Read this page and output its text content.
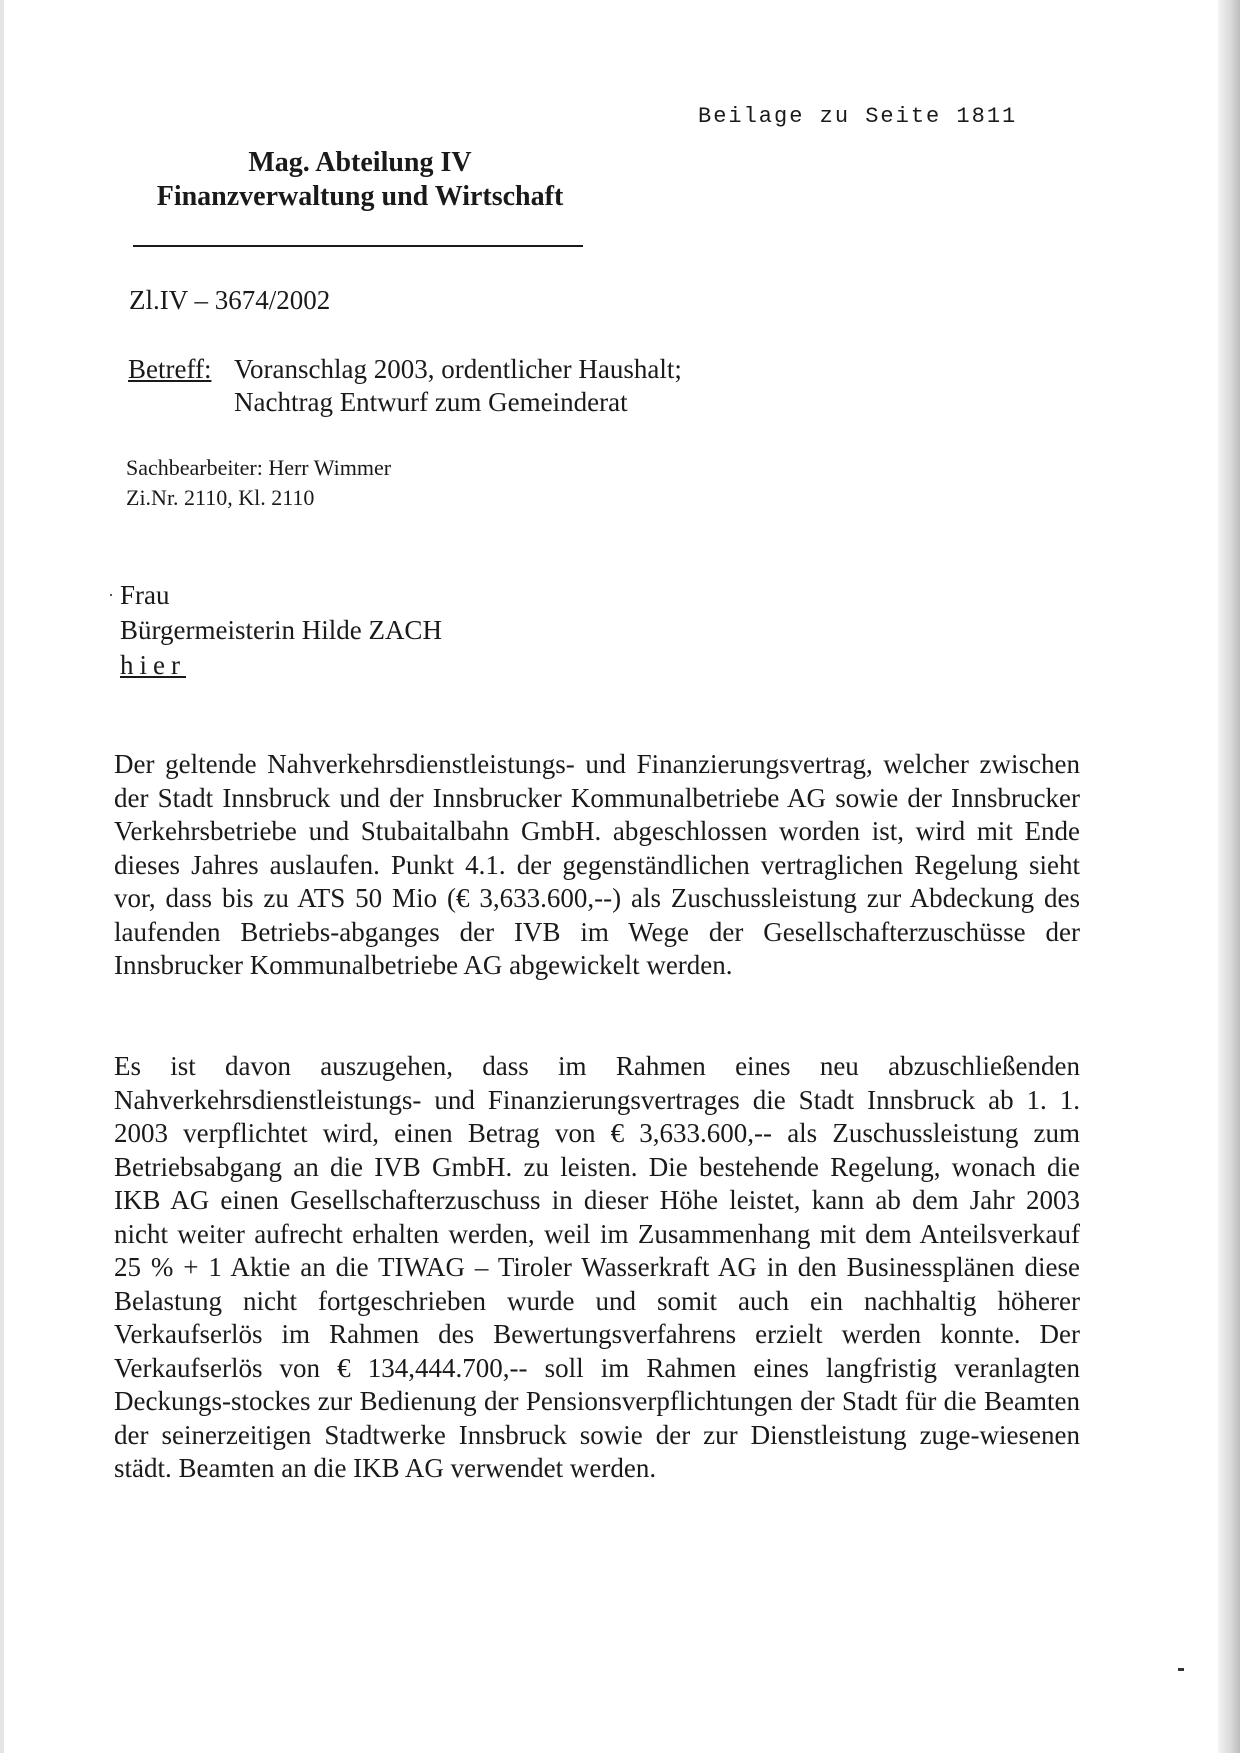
Beilage zu Seite 1811
Mag. Abteilung IV
Finanzverwaltung und Wirtschaft
Zl.IV – 3674/2002
Betreff: Voranschlag 2003, ordentlicher Haushalt;
Nachtrag Entwurf zum Gemeinderat
Sachbearbeiter: Herr Wimmer
Zi.Nr. 2110, Kl. 2110
Frau
Bürgermeisterin Hilde ZACH
hier
Der geltende Nahverkehrsdienstleistungs- und Finanzierungsvertrag, welcher zwischen der Stadt Innsbruck und der Innsbrucker Kommunalbetriebe AG sowie der Innsbrucker Verkehrsbetriebe und Stubaitalbahn GmbH. abgeschlossen worden ist, wird mit Ende dieses Jahres auslaufen. Punkt 4.1. der gegenständlichen vertraglichen Regelung sieht vor, dass bis zu ATS 50 Mio (€ 3,633.600,--) als Zuschussleistung zur Abdeckung des laufenden Betriebs-abganges der IVB im Wege der Gesellschafterzuschüsse der Innsbrucker Kommunalbetriebe AG abgewickelt werden.
Es ist davon auszugehen, dass im Rahmen eines neu abzuschließenden Nahverkehrsdienstleistungs- und Finanzierungsvertrages die Stadt Innsbruck ab 1. 1. 2003 verpflichtet wird, einen Betrag von € 3,633.600,-- als Zuschussleistung zum Betriebsabgang an die IVB GmbH. zu leisten. Die bestehende Regelung, wonach die IKB AG einen Gesellschafterzuschuss in dieser Höhe leistet, kann ab dem Jahr 2003 nicht weiter aufrecht erhalten werden, weil im Zusammenhang mit dem Anteilsverkauf 25 % + 1 Aktie an die TIWAG – Tiroler Wasserkraft AG in den Businessplänen diese Belastung nicht fortgeschrieben wurde und somit auch ein nachhaltig höherer Verkaufserlös im Rahmen des Bewertungsverfahrens erzielt werden konnte. Der Verkaufserlös von € 134,444.700,-- soll im Rahmen eines langfristig veranlagten Deckungs-stockes zur Bedienung der Pensionsverpflichtungen der Stadt für die Beamten der seinerzeitigen Stadtwerke Innsbruck sowie der zur Dienstleistung zuge-wiesenen städt. Beamten an die IKB AG verwendet werden.
